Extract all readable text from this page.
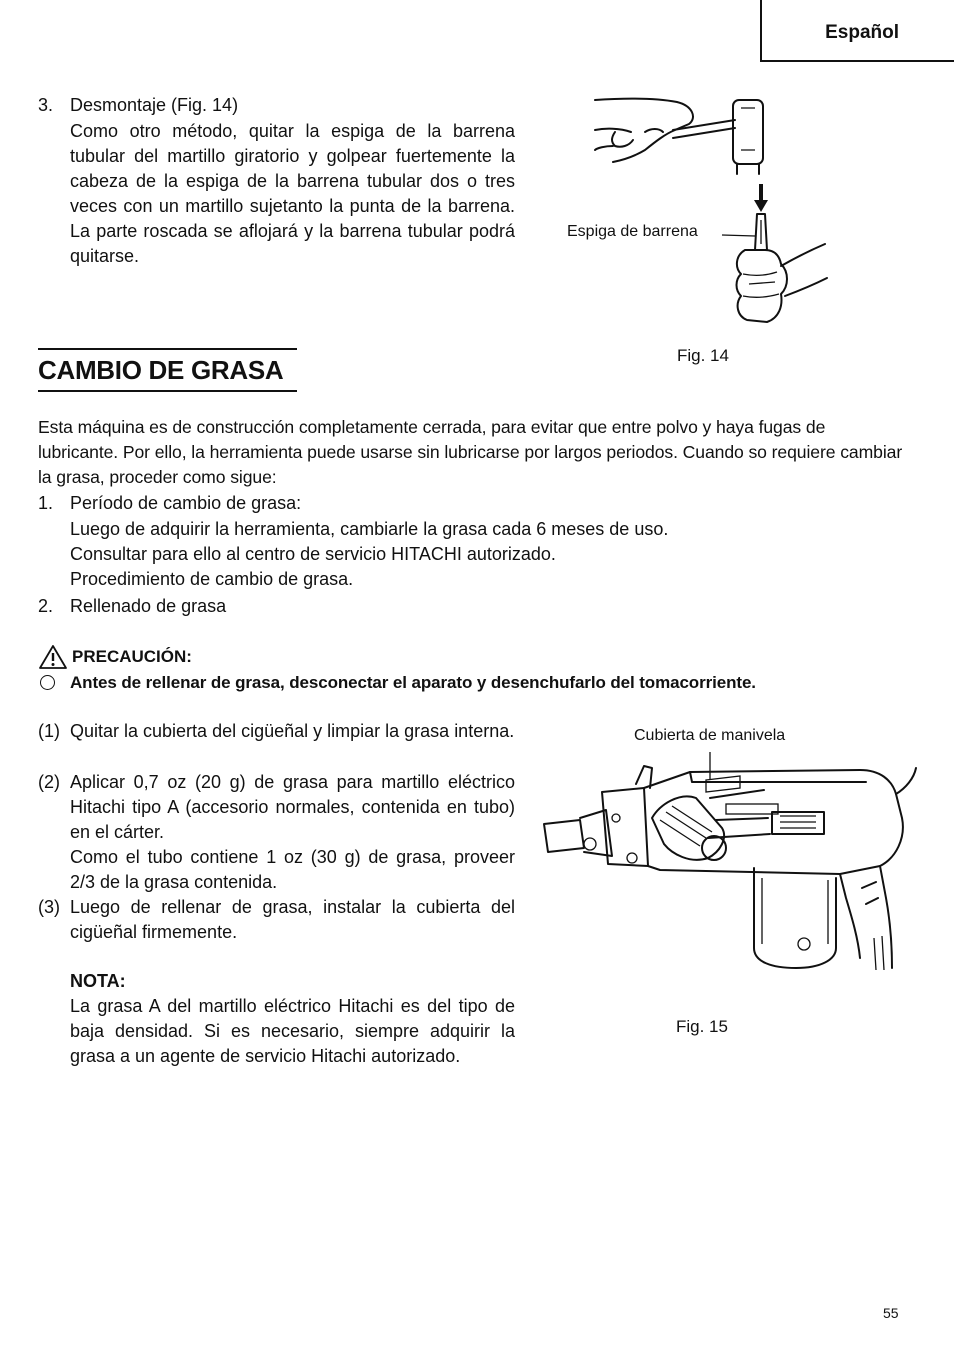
Español
3. Desmontaje (Fig. 14)
Como otro método, quitar la espiga de la barrena tubular del martillo giratorio y golpear fuertemente la cabeza de la espiga de la barrena tubular dos o tres veces con un martillo sujetanto la punta de la barrena. La parte roscada se aflojará y la barrena tubular podrá quitarse.
Espiga de barrena
Fig. 14
CAMBIO DE GRASA
Esta máquina es de construcción completamente cerrada, para evitar que entre polvo y haya fugas de lubricante. Por ello, la herramienta puede usarse sin lubricarse por largos periodos. Cuando so requiere cambiar la grasa, proceder como sigue:
1. Período de cambio de grasa:
Luego de adquirir la herramienta, cambiarle la grasa cada 6 meses de uso.
Consultar para ello al centro de servicio HITACHI autorizado.
Procedimiento de cambio de grasa.
2. Rellenado de grasa
PRECAUCIÓN:
Antes de rellenar de grasa, desconectar el aparato y desenchufarlo del tomacorriente.
(1) Quitar la cubierta del cigüeñal y limpiar la grasa interna.
(2) Aplicar 0,7 oz (20 g) de grasa para martillo eléctrico Hitachi tipo A (accesorio normales, contenida en tubo) en el cárter.
Como el tubo contiene 1 oz (30 g) de grasa, proveer 2/3 de la grasa contenida.
(3) Luego de rellenar de grasa, instalar la cubierta del cigüeñal firmemente.
NOTA:
La grasa A del martillo eléctrico Hitachi es del tipo de baja densidad. Si es necesario, siempre adquirir la grasa a un agente de servicio Hitachi autorizado.
Cubierta de manivela
Fig. 15
55
